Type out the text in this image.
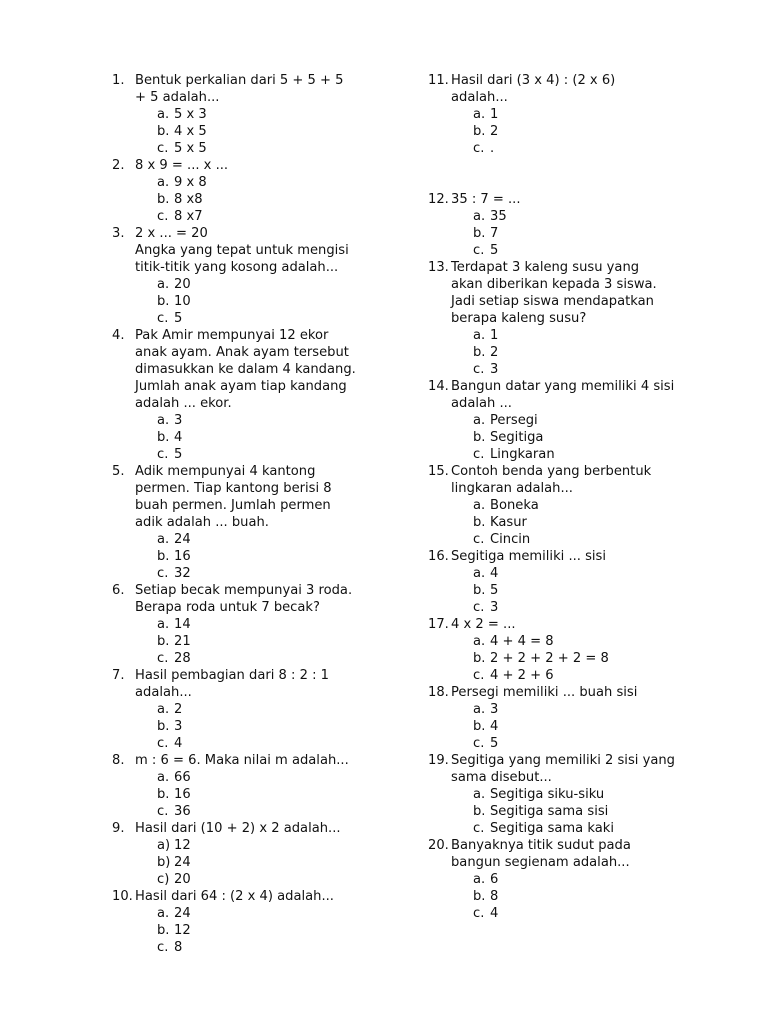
1. Bentuk perkalian dari 5 + 5 + 5
+ 5 adalah...
a. 5 x 3
b. 4 x 5
c. 5 x 5
2. 8 x 9 = ... x ...
a. 9 x 8
b. 8 x8
c. 8 x7
3. 2 x ... = 20
Angka yang tepat untuk mengisi
titik-titik yang kosong adalah...
a. 20
b. 10
c. 5
4. Pak Amir mempunyai 12 ekor
anak ayam. Anak ayam tersebut
dimasukkan ke dalam 4 kandang.
Jumlah anak ayam tiap kandang
adalah ... ekor.
a. 3
b. 4
c. 5
5. Adik mempunyai 4 kantong
permen. Tiap kantong berisi 8
buah permen. Jumlah permen
adik adalah ... buah.
a. 24
b. 16
c. 32
6. Setiap becak mempunyai 3 roda.
Berapa roda untuk 7 becak?
a. 14
b. 21
c. 28
7. Hasil pembagian dari 8 : 2 : 1
adalah...
a. 2
b. 3
c. 4
8. m : 6 = 6. Maka nilai m adalah...
a. 66
b. 16
c. 36
9. Hasil dari (10 + 2) x 2 adalah...
a) 12
b) 24
c) 20
10. Hasil dari 64 : (2 x 4) adalah...
a. 24
b. 12
c. 8
11. Hasil dari (3 x 4) : (2 x 6)
adalah...
a. 1
b. 2
c. .
12. 35 : 7 = ...
a. 35
b. 7
c. 5
13. Terdapat 3 kaleng susu yang
akan diberikan kepada 3 siswa.
Jadi setiap siswa mendapatkan
berapa kaleng susu?
a. 1
b. 2
c. 3
14. Bangun datar yang memiliki 4 sisi
adalah ...
a. Persegi
b. Segitiga
c. Lingkaran
15. Contoh benda yang berbentuk
lingkaran adalah...
a. Boneka
b. Kasur
c. Cincin
16. Segitiga memiliki ... sisi
a. 4
b. 5
c. 3
17. 4 x 2 = ...
a. 4 + 4 = 8
b. 2 + 2 + 2 + 2 = 8
c. 4 + 2 + 6
18. Persegi memiliki ... buah sisi
a. 3
b. 4
c. 5
19. Segitiga yang memiliki 2 sisi yang
sama disebut...
a. Segitiga siku-siku
b. Segitiga sama sisi
c. Segitiga sama kaki
20. Banyaknya titik sudut pada
bangun segienam adalah...
a. 6
b. 8
c. 4
